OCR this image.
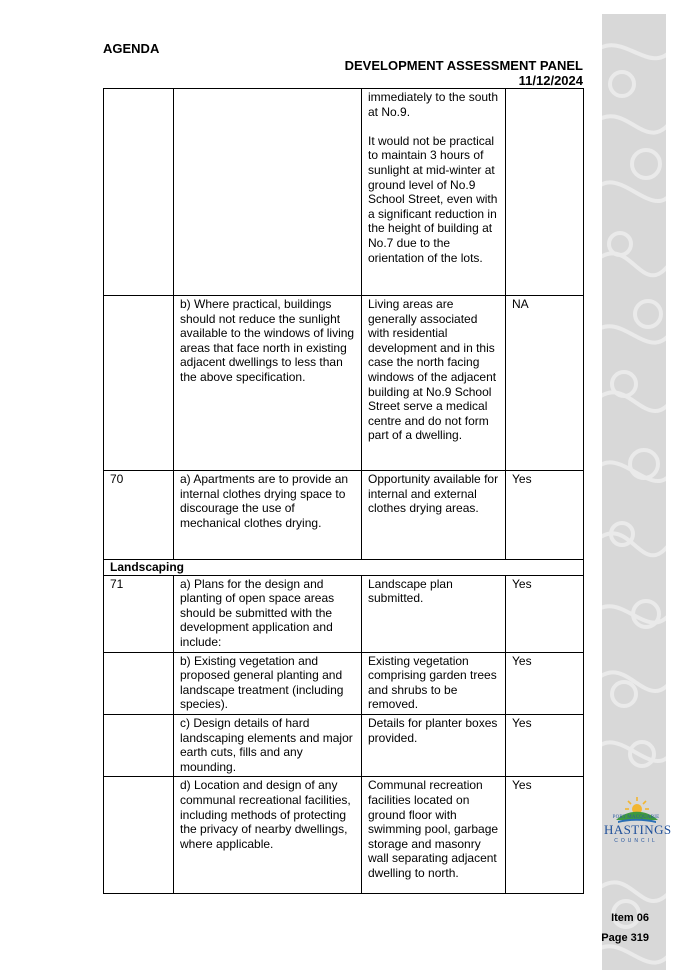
PORT MACQUARIE
HASTINGS
COUNCIL
AGENDA
DEVELOPMENT ASSESSMENT PANEL
11/12/2024
		immediately to the south at No.9.
It would not be practical to maintain 3 hours of sunlight at mid-winter at ground level of No.9 School Street, even with a significant reduction in the height of building at No.7 due to the orientation of the lots.	
	b) Where practical, buildings should not reduce the sunlight available to the windows of living areas that face north in existing adjacent dwellings to less than the above specification.	Living areas are generally associated with residential development and in this case the north facing windows of the adjacent building at No.9 School Street serve a medical centre and do not form part of a dwelling.	NA
70	a) Apartments are to provide an internal clothes drying space to discourage the use of mechanical clothes drying.	Opportunity available for internal and external clothes drying areas.	Yes
Landscaping			
71	a) Plans for the design and planting of open space areas should be submitted with the development application and include:	Landscape plan submitted.	Yes
	b) Existing vegetation and proposed general planting and landscape treatment (including species).	Existing vegetation comprising garden trees and shrubs to be removed.	Yes
	c) Design details of hard landscaping elements and major earth cuts, fills and any mounding.	Details for planter boxes provided.	Yes
	d) Location and design of any communal recreational facilities, including methods of protecting the privacy of nearby dwellings, where applicable.	Communal recreation facilities located on ground floor with swimming pool, garbage storage and masonry wall separating adjacent dwelling to north.	Yes
Item 06
Page 319
